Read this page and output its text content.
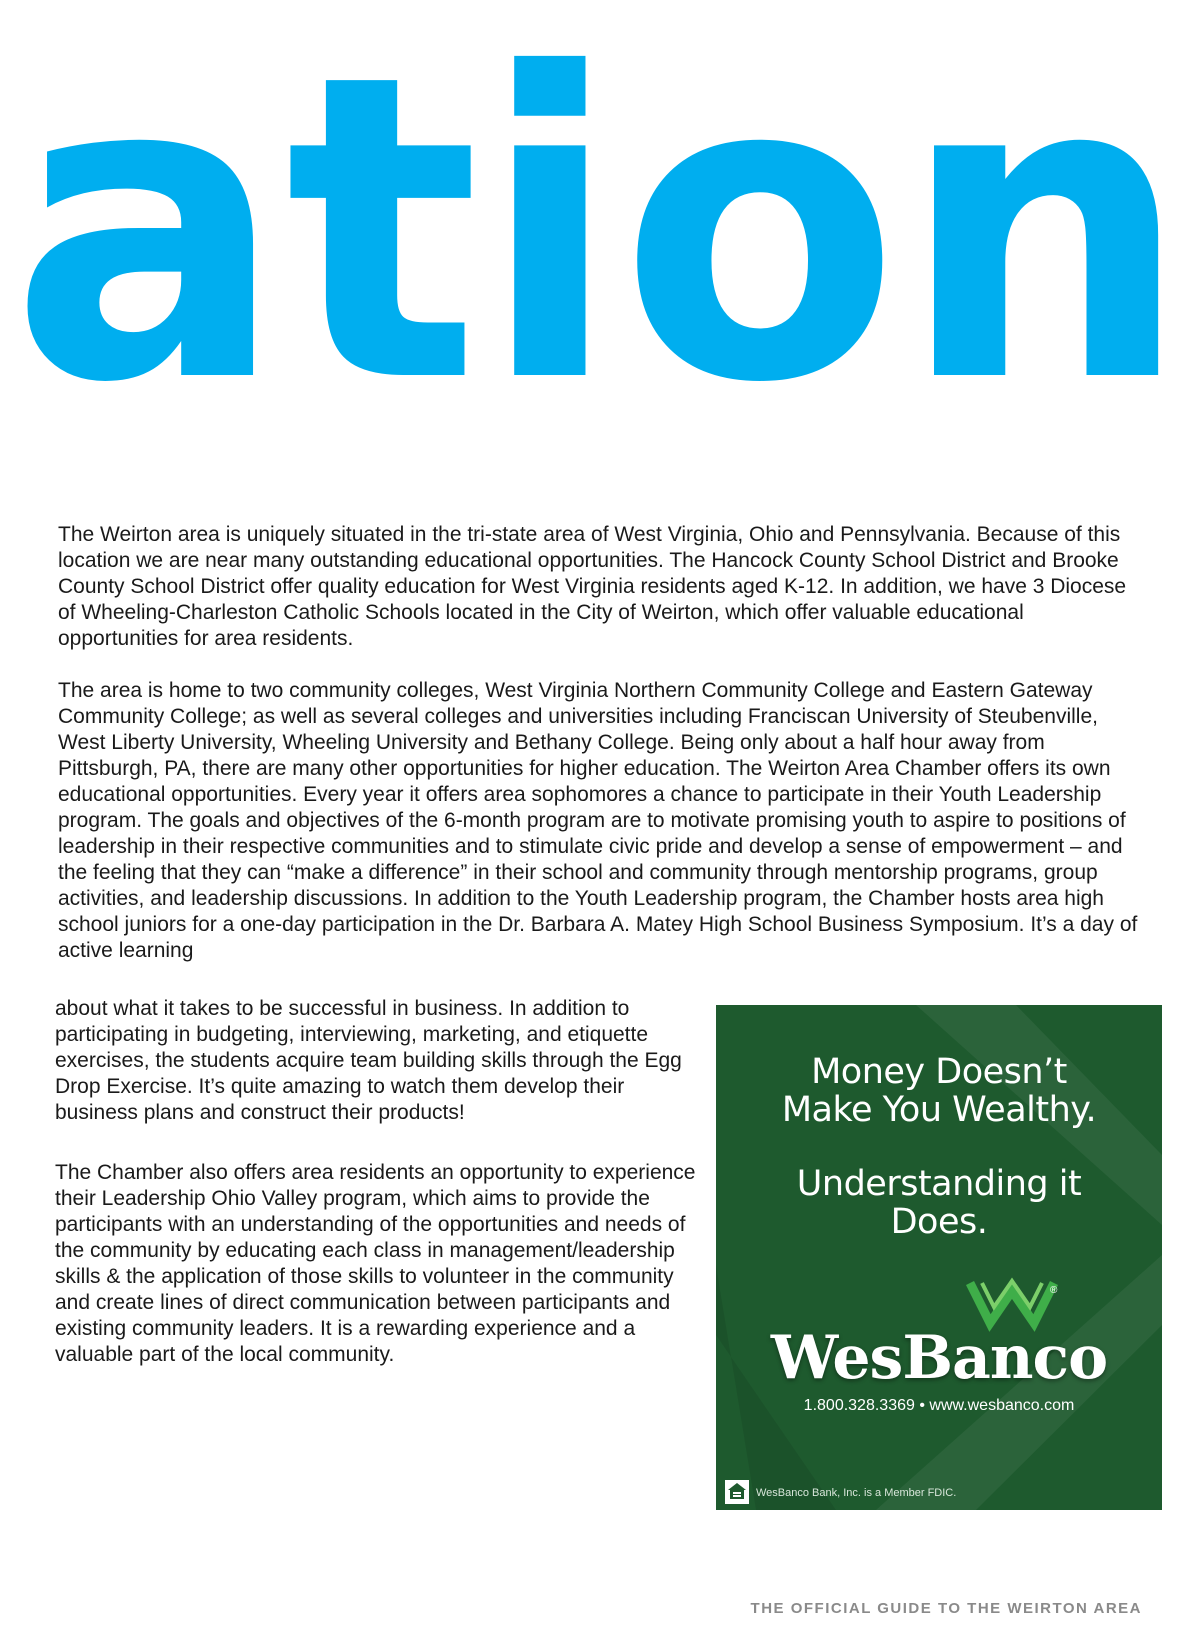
ation

The Weirton area is uniquely situated in the tri-state area of West Virginia, Ohio and Pennsylvania. Because of this location we are near many outstanding educational opportunities. The Hancock County School District and Brooke County School District offer quality education for West Virginia residents aged K-12. In addition, we have 3 Diocese of Wheeling-Charleston Catholic Schools located in the City of Weirton, which offer valuable educational opportunities for area residents.

The area is home to two community colleges, West Virginia Northern Community College and Eastern Gateway Community College; as well as several colleges and universities including Franciscan University of Steubenville, West Liberty University, Wheeling University and Bethany College. Being only about a half hour away from Pittsburgh, PA, there are many other opportunities for higher education. The Weirton Area Chamber offers its own educational opportunities. Every year it offers area sophomores a chance to participate in their Youth Leadership program. The goals and objectives of the 6-month program are to motivate promising youth to aspire to positions of leadership in their respective communities and to stimulate civic pride and develop a sense of empowerment – and the feeling that they can “make a difference” in their school and community through mentorship programs, group activities, and leadership discussions. In addition to the Youth Leadership program, the Chamber hosts area high school juniors for a one-day participation in the Dr. Barbara A. Matey High School Business Symposium. It’s a day of active learning

about what it takes to be successful in business. In addition to participating in budgeting, interviewing, marketing, and etiquette exercises, the students acquire team building skills through the Egg Drop Exercise. It’s quite amazing to watch them develop their business plans and construct their products!

The Chamber also offers area residents an opportunity to experience their Leadership Ohio Valley program, which aims to provide the participants with an understanding of the opportunities and needs of the community by educating each class in management/leadership skills & the application of those skills to volunteer in the community and create lines of direct communication between participants and existing community leaders. It is a rewarding experience and a valuable part of the local community.

Money Doesn’t
Make You Wealthy.
Understanding it
Does.
®
WesBanco
1.800.328.3369 • www.wesbanco.com
WesBanco Bank, Inc. is a Member FDIC.
THE OFFICIAL GUIDE TO THE WEIRTON AREA
